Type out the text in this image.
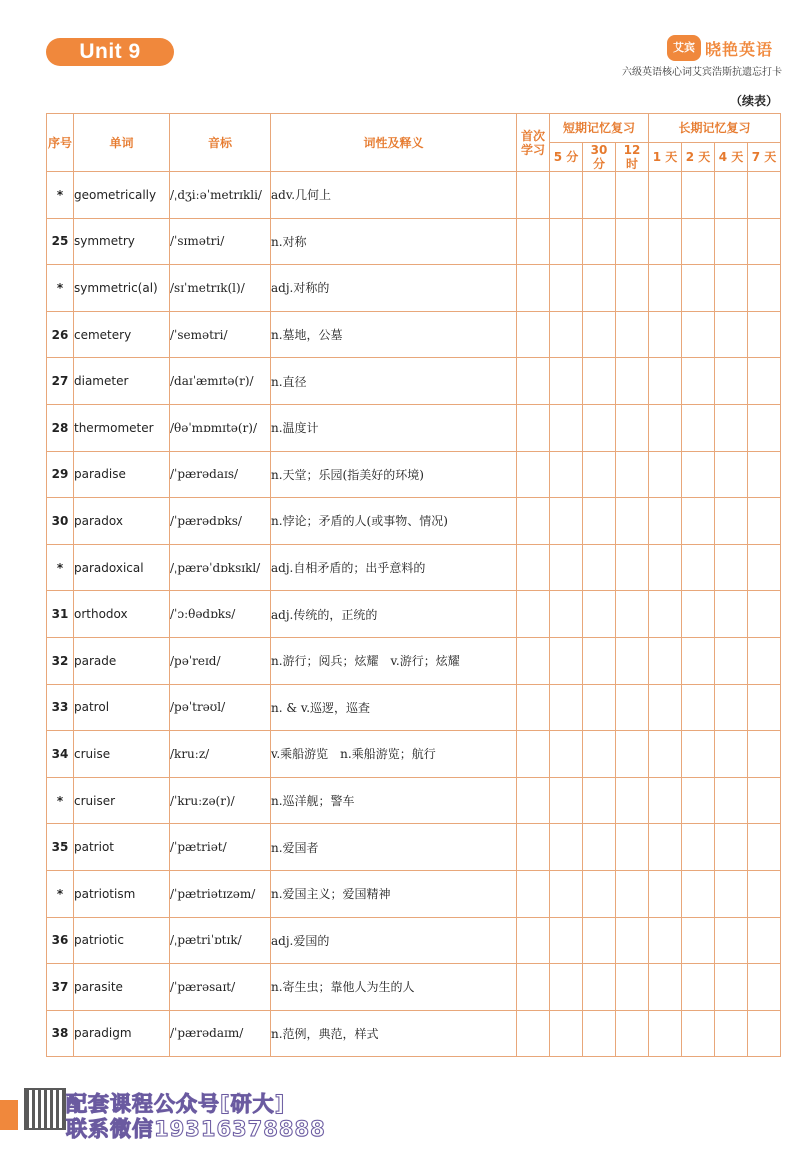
Unit 9	艾宾 晓艳英语
六级英语核心词艾宾浩斯抗遗忘打卡
（续表）
序号	单词	音标	词性及释义	首次学习	短期记忆复习			长期记忆复习			
					5 分	30 分	12 时	1 天	2 天	4 天	7 天
*	geometrically	/ˌdʒiːəˈmetrɪkli/	adv.几何上								
25	symmetry	/ˈsɪmətri/	n.对称								
*	symmetric(al)	/sɪˈmetrɪk(l)/	adj.对称的								
26	cemetery	/ˈsemətri/	n.墓地，公墓								
27	diameter	/daɪˈæmɪtə(r)/	n.直径								
28	thermometer	/θəˈmɒmɪtə(r)/	n.温度计								
29	paradise	/ˈpærədaɪs/	n.天堂；乐园(指美好的环境)								
30	paradox	/ˈpærədɒks/	n.悖论；矛盾的人(或事物、情况)								
*	paradoxical	/ˌpærəˈdɒksɪkl/	adj.自相矛盾的；出乎意料的								
31	orthodox	/ˈɔːθədɒks/	adj.传统的，正统的								
32	parade	/pəˈreɪd/	n.游行；阅兵；炫耀　v.游行；炫耀								
33	patrol	/pəˈtrəʊl/	n. & v.巡逻，巡查								
34	cruise	/kruːz/	v.乘船游览　n.乘船游览；航行								
*	cruiser	/ˈkruːzə(r)/	n.巡洋舰；警车								
35	patriot	/ˈpætriət/	n.爱国者								
*	patriotism	/ˈpætriətɪzəm/	n.爱国主义；爱国精神								
36	patriotic	/ˌpætriˈɒtɪk/	adj.爱国的								
37	parasite	/ˈpærəsaɪt/	n.寄生虫；靠他人为生的人								
38	paradigm	/ˈpærədaɪm/	n.范例，典范，样式								
配套课程公众号[研大]
联系微信19316378888
